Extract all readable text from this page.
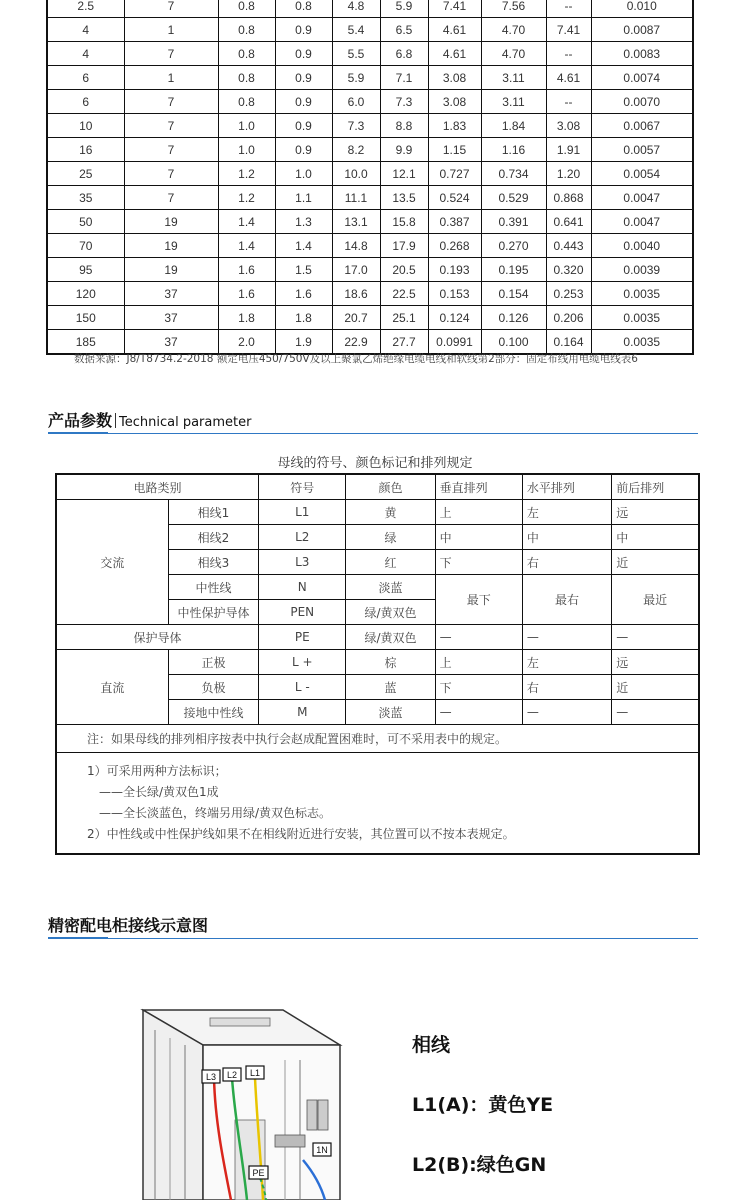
2.5	7	0.8	0.8	4.8	5.9	7.41	7.56	--	0.010
4	1	0.8	0.9	5.4	6.5	4.61	4.70	7.41	0.0087
4	7	0.8	0.9	5.5	6.8	4.61	4.70	--	0.0083
6	1	0.8	0.9	5.9	7.1	3.08	3.11	4.61	0.0074
6	7	0.8	0.9	6.0	7.3	3.08	3.11	--	0.0070
10	7	1.0	0.9	7.3	8.8	1.83	1.84	3.08	0.0067
16	7	1.0	0.9	8.2	9.9	1.15	1.16	1.91	0.0057
25	7	1.2	1.0	10.0	12.1	0.727	0.734	1.20	0.0054
35	7	1.2	1.1	11.1	13.5	0.524	0.529	0.868	0.0047
50	19	1.4	1.3	13.1	15.8	0.387	0.391	0.641	0.0047
70	19	1.4	1.4	14.8	17.9	0.268	0.270	0.443	0.0040
95	19	1.6	1.5	17.0	20.5	0.193	0.195	0.320	0.0039
120	37	1.6	1.6	18.6	22.5	0.153	0.154	0.253	0.0035
150	37	1.8	1.8	20.7	25.1	0.124	0.126	0.206	0.0035
185	37	2.0	1.9	22.9	27.7	0.0991	0.100	0.164	0.0035
数据来源：J8/T8734.2-2018 额定电压450/750V及以上聚氯乙烯绝缘电缆电线和软线第2部分：固定布线用电缆电线表6
产品参数 Technical parameter
母线的符号、颜色标记和排列规定
电路类别		符号	颜色	垂直排列	水平排列	前后排列
交流	相线1	L1	黄	上	左	远
	相线2	L2	绿	中	中	中
	相线3	L3	红	下	右	近
	中性线	N	淡蓝	最下	最右	最近
	中性保护导体	PEN	绿/黄双色			
保护导体		PE	绿/黄双色	—	—	—
直流	正极	L +	棕	上	左	远
	负极	L -	蓝	下	右	近
	接地中性线	M	淡蓝	—	—	—
注：如果母线的排列相序按表中执行会赵成配置困难时，可不采用表中的规定。						

1）可采用两种方法标识；
——全长绿/黄双色1成
——全长淡蓝色，终端另用绿/黄双色标志。
2）中性线或中性保护线如果不在相线附近进行安装，其位置可以不按本表规定。						
精密配电柜接线示意图
L3 L2 L1
1N
PE
相线
L1(A)：黄色YE
L2(B):绿色GN
